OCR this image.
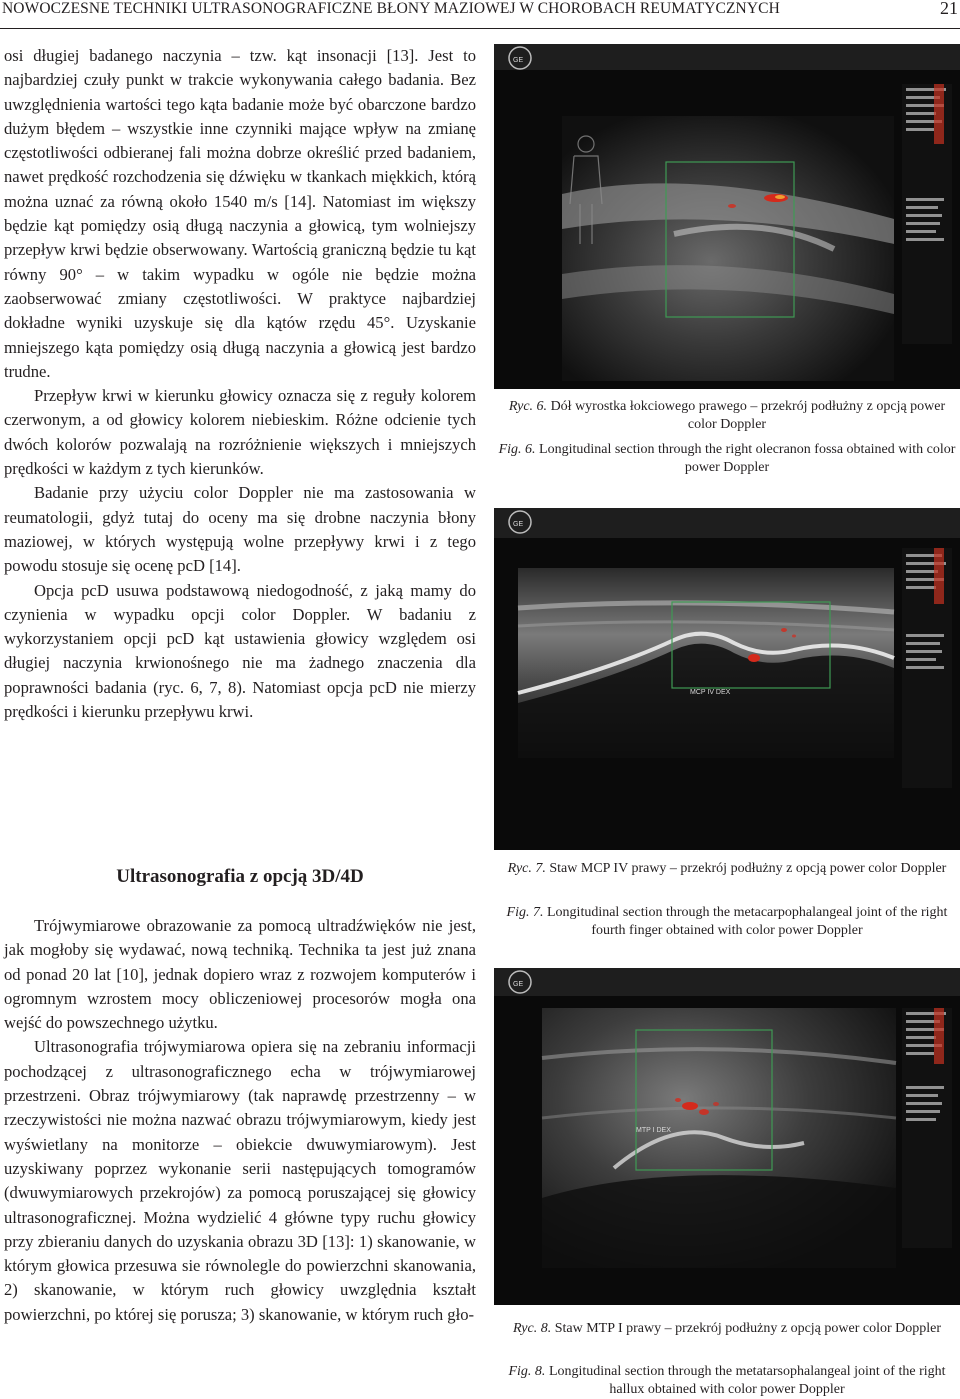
NOWOCZESNE TECHNIKI ULTRASONOGRAFICZNE BŁONY MAZIOWEJ W CHOROBACH REUMATYCZNYCH	21

osi długiej badanego naczynia – tzw. kąt insonacji [13]. Jest to najbardziej czuły punkt w trakcie wykonywania całego badania. Bez uwzględnienia wartości tego kąta badanie może być obarczone bardzo dużym błędem – wszystkie inne czynniki mające wpływ na zmianę częstotliwości odbieranej fali można dobrze określić przed badaniem, nawet prędkość rozchodzenia się dźwięku w tkankach miękkich, którą można uznać za równą około 1540 m/s [14]. Natomiast im większy będzie kąt pomiędzy osią długą naczynia a głowicą, tym wolniejszy przepływ krwi będzie obserwowany. Wartością graniczną będzie tu kąt równy 90° – w takim wypadku w ogóle nie będzie można zaobserwować zmiany częstotliwości. W praktyce najbardziej dokładne wyniki uzyskuje się dla kątów rzędu 45°. Uzyskanie mniejszego kąta pomiędzy osią długą naczynia a głowicą jest bardzo trudne.

Przepływ krwi w kierunku głowicy oznacza się z reguły kolorem czerwonym, a od głowicy kolorem niebieskim. Różne odcienie tych dwóch kolorów pozwalają na rozróżnienie większych i mniejszych prędkości w każdym z tych kierunków.

Badanie przy użyciu color Doppler nie ma zastosowania w reumatologii, gdyż tutaj do oceny ma się drobne naczynia błony maziowej, w których występują wolne przepływy krwi i z tego powodu stosuje się ocenę pcD [14].

Opcja pcD usuwa podstawową niedogodność, z jaką mamy do czynienia w wypadku opcji color Doppler. W badaniu z wykorzystaniem opcji pcD kąt ustawienia głowicy względem osi długiej naczynia krwionośnego nie ma żadnego znaczenia dla poprawności badania (ryc. 6, 7, 8). Natomiast opcja pcD nie mierzy prędkości i kierunku przepływu krwi.

Ultrasonografia z opcją 3D/4D

Trójwymiarowe obrazowanie za pomocą ultradźwięków nie jest, jak mogłoby się wydawać, nową techniką. Technika ta jest już znana od ponad 20 lat [10], jednak dopiero wraz z rozwojem komputerów i ogromnym wzrostem mocy obliczeniowej procesorów mogła ona wejść do powszechnego użytku.

Ultrasonografia trójwymiarowa opiera się na zebraniu informacji pochodzącej z ultrasonograficznego echa w trójwymiarowej przestrzeni. Obraz trójwymiarowy (tak naprawdę przestrzenny – w rzeczywistości nie można nazwać obrazu trójwymiarowym, kiedy jest wyświetlany na monitorze – obiekcie dwuwymiarowym). Jest uzyskiwany poprzez wykonanie serii następujących tomogramów (dwuwymiarowych przekrojów) za pomocą poruszającej się głowicy ultrasonograficznej. Można wydzielić 4 główne typy ruchu głowicy przy zbieraniu danych do uzyskania obrazu 3D [13]: 1) skanowanie, w którym głowica przesuwa sie równolegle do powierzchni skanowania, 2) skanowanie, w którym ruch głowicy uwzględnia kształt powierzchni, po której się porusza; 3) skanowanie, w którym ruch gło-

GE
Ryc. 6. Dół wyrostka łokciowego prawego – przekrój podłużny z opcją power color Doppler
Fig. 6. Longitudinal section through the right olecranon fossa obtained with color power Doppler
MCP IV DEX
GE
Ryc. 7. Staw MCP IV prawy – przekrój podłużny z opcją power color Doppler
Fig. 7. Longitudinal section through the metacarpophalangeal joint of the right fourth finger obtained with color power Doppler
MTP I DEX
GE
Ryc. 8. Staw MTP I prawy – przekrój podłużny z opcją power color Doppler
Fig. 8. Longitudinal section through the metatarsophalangeal joint of the right hallux obtained with color power Doppler
